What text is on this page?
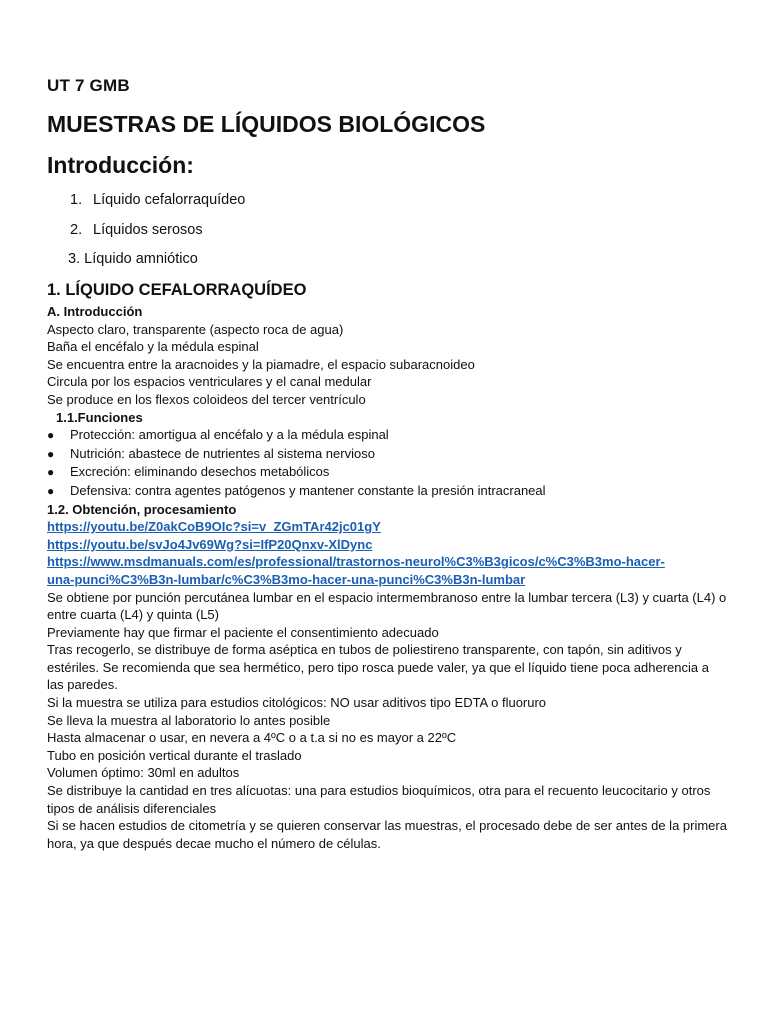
UT 7 GMB
MUESTRAS DE LÍQUIDOS BIOLÓGICOS
Introducción:
1. Líquido cefalorraquídeo
2. Líquidos serosos
3. Líquido amniótico
1. LÍQUIDO CEFALORRAQUÍDEO
A. Introducción
Aspecto claro, transparente (aspecto roca de agua)
Baña el encéfalo y la médula espinal
Se encuentra entre la aracnoides y la piamadre, el espacio subaracnoideo
Circula por los espacios ventriculares y el canal medular
Se produce en los flexos coloideos del tercer ventrículo
1.1.Funciones
● Protección: amortigua al encéfalo y a la médula espinal
● Nutrición: abastece de nutrientes al sistema nervioso
● Excreción: eliminando desechos metabólicos
● Defensiva: contra agentes patógenos y mantener constante la presión intracraneal
1.2. Obtención, procesamiento
https://youtu.be/Z0akCoB9OIc?si=v_ZGmTAr42jc01gY
https://youtu.be/svJo4Jv69Wg?si=IfP20Qnxv-XlDync
https://www.msdmanuals.com/es/professional/trastornos-neurol%C3%B3gicos/c%C3%B3mo-hacer-
una-punci%C3%B3n-lumbar/c%C3%B3mo-hacer-una-punci%C3%B3n-lumbar
Se obtiene por punción percutánea lumbar en el espacio intermembranoso entre la lumbar tercera (L3) y cuarta (L4) o entre cuarta (L4) y quinta (L5)
Previamente hay que firmar el paciente el consentimiento adecuado
Tras recogerlo, se distribuye de forma aséptica en tubos de poliestireno transparente, con tapón, sin aditivos y estériles. Se recomienda que sea hermético, pero tipo rosca puede valer, ya que el líquido tiene poca adherencia a las paredes.
Si la muestra se utiliza para estudios citológicos: NO usar aditivos tipo EDTA o fluoruro
Se lleva la muestra al laboratorio lo antes posible
Hasta almacenar o usar, en nevera a 4ºC o a t.a si no es mayor a 22ºC
Tubo en posición vertical durante el traslado
Volumen óptimo: 30ml en adultos
Se distribuye la cantidad en tres alícuotas: una para estudios bioquímicos, otra para el recuento leucocitario y otros tipos de análisis diferenciales
Si se hacen estudios de citometría y se quieren conservar las muestras, el procesado debe de ser antes de la primera hora, ya que después decae mucho el número de células.
